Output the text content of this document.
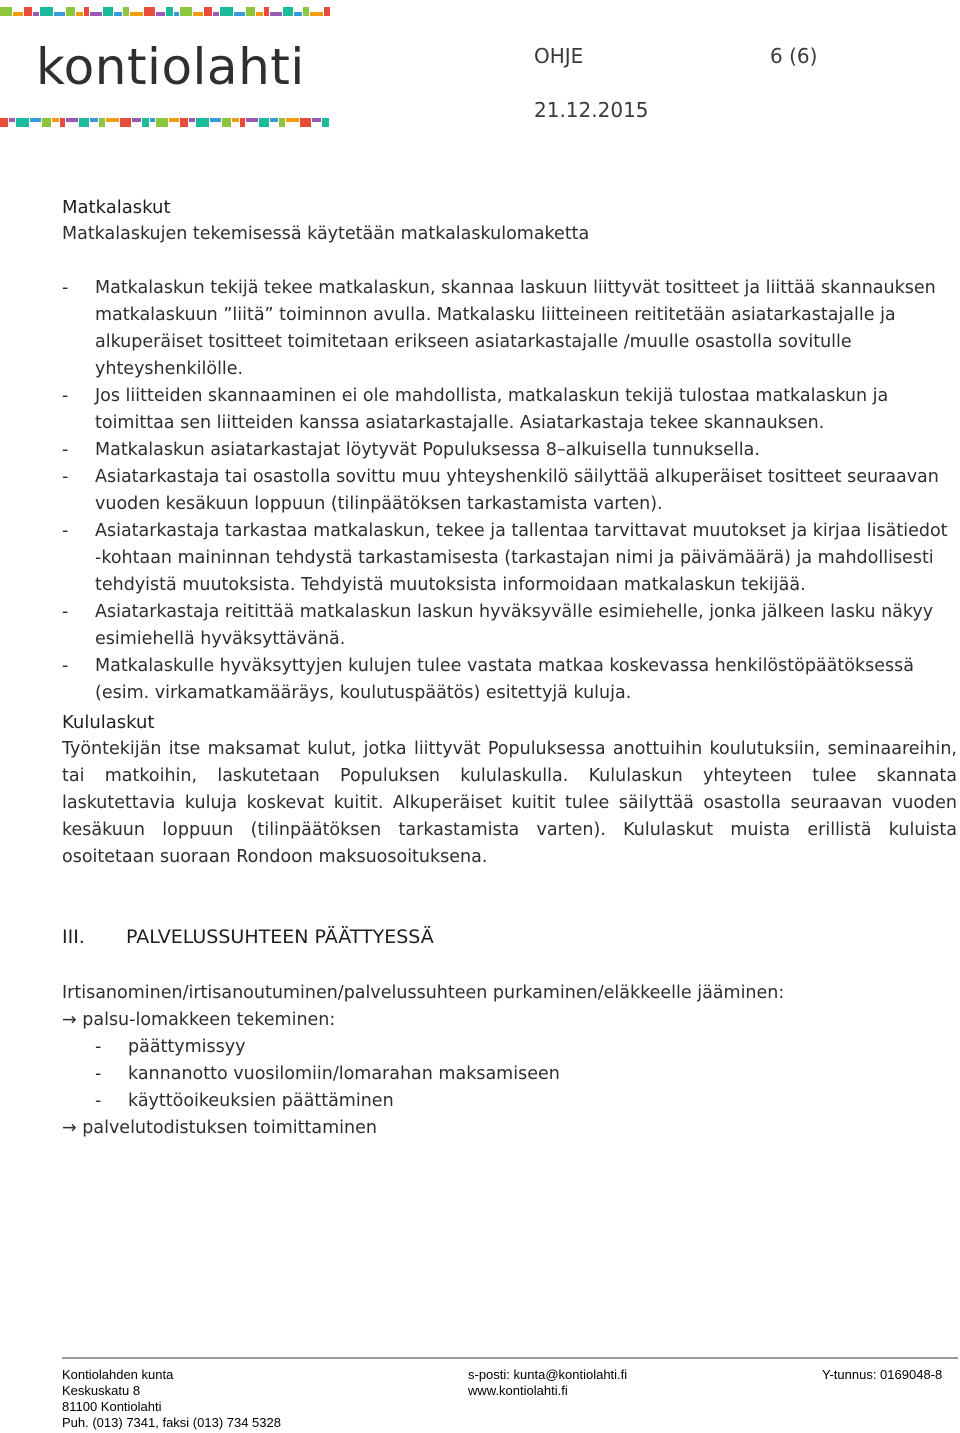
kontiolahti	OHJE	6 (6)
21.12.2015
Matkalaskut
Matkalaskujen tekemisessä käytetään matkalaskulomaketta
- Matkalaskun tekijä tekee matkalaskun, skannaa laskuun liittyvät tositteet ja liittää skannauksen matkalaskuun ”liitä” toiminnon avulla. Matkalasku liitteineen reititetään asiatarkastajalle ja alkuperäiset tositteet toimitetaan erikseen asiatarkastajalle /muulle osastolla sovitulle yhteyshenkilölle.
- Jos liitteiden skannaaminen ei ole mahdollista, matkalaskun tekijä tulostaa matkalaskun ja toimittaa sen liitteiden kanssa asiatarkastajalle. Asiatarkastaja tekee skannauksen.
- Matkalaskun asiatarkastajat löytyvät Populuksessa 8–alkuisella tunnuksella.
- Asiatarkastaja tai osastolla sovittu muu yhteyshenkilö säilyttää alkuperäiset tositteet seuraavan vuoden kesäkuun loppuun (tilinpäätöksen tarkastamista varten).
- Asiatarkastaja tarkastaa matkalaskun, tekee ja tallentaa tarvittavat muutokset ja kirjaa lisätiedot -kohtaan maininnan tehdystä tarkastamisesta (tarkastajan nimi ja päivämäärä) ja mahdollisesti tehdyistä muutoksista. Tehdyistä muutoksista informoidaan matkalaskun tekijää.
- Asiatarkastaja reitittää matkalaskun laskun hyväksyvälle esimiehelle, jonka jälkeen lasku näkyy esimiehellä hyväksyttävänä.
- Matkalaskulle hyväksyttyjen kulujen tulee vastata matkaa koskevassa henkilöstöpäätöksessä (esim. virkamatkamääräys, koulutuspäätös) esitettyjä kuluja.
Kululaskut
Työntekijän itse maksamat kulut, jotka liittyvät Populuksessa anottuihin koulutuksiin, seminaareihin, tai matkoihin, laskutetaan Populuksen kululaskulla. Kululaskun yhteyteen tulee skannata laskutettavia kuluja koskevat kuitit. Alkuperäiset kuitit tulee säilyttää osastolla seuraavan vuoden kesäkuun loppuun (tilinpäätöksen tarkastamista varten). Kululaskut muista erillistä kuluista osoitetaan suoraan Rondoon maksuosoituksena.
III. PALVELUSSUHTEEN PÄÄTTYESSÄ
Irtisanominen/irtisanoutuminen/palvelussuhteen purkaminen/eläkkeelle jääminen:
→ palsu-lomakkeen tekeminen:
- päättymissyy
- kannanotto vuosilomiin/lomarahan maksamiseen
- käyttöoikeuksien päättäminen
→ palvelutodistuksen toimittaminen
Kontiolahden kunta
Keskuskatu 8
81100 Kontiolahti
Puh. (013) 7341, faksi (013) 734 5328
s-posti: kunta@kontiolahti.fi
www.kontiolahti.fi
Y-tunnus: 0169048-8
